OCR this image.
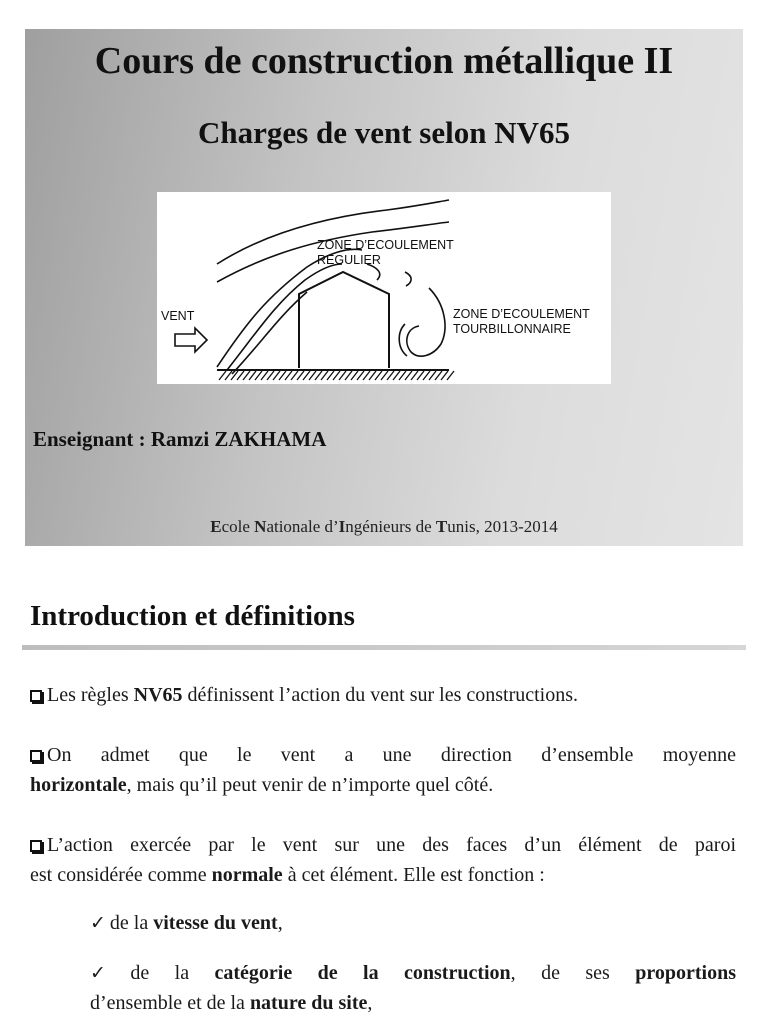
Cours de construction métallique II
Charges de vent selon NV65
ZONE D’ECOULEMENT
REGULIER
VENT	ZONE D’ECOULEMENT
TOURBILLONNAIRE
Enseignant : Ramzi ZAKHAMA
Ecole Nationale d’Ingénieurs de Tunis, 2013-2014
Introduction et définitions
Les règles NV65 définissent l’action du vent sur les constructions.
On admet que le vent a une direction d’ensemble moyenne
horizontale, mais qu’il peut venir de n’importe quel côté.
L’action exercée par le vent sur une des faces d’un élément de paroi
est considérée comme normale à cet élément. Elle est fonction :
✓ de la vitesse du vent,
✓ de la catégorie de la construction, de ses proportions
d’ensemble et de la nature du site,
